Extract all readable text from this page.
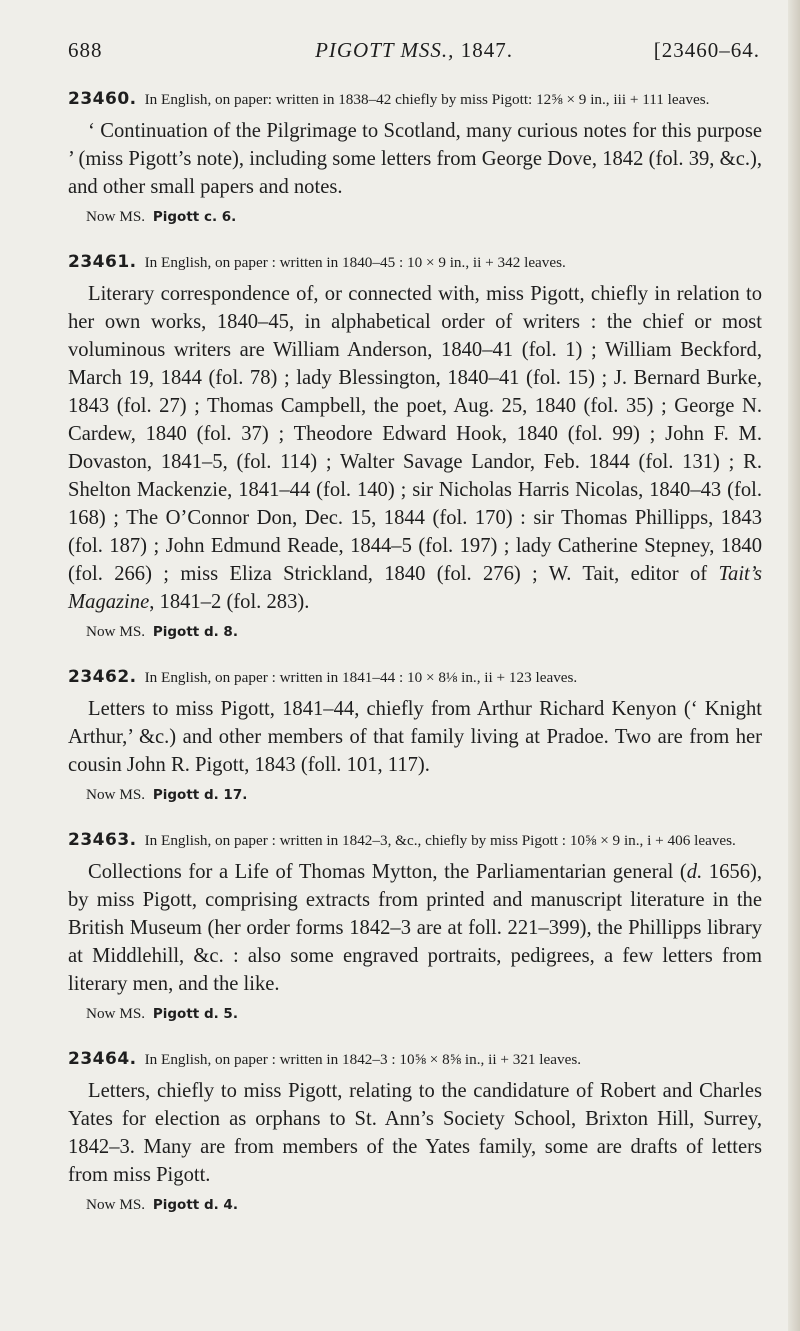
688	PIGOTT MSS., 1847.	[23460–64.
23460. In English, on paper: written in 1838–42 chiefly by miss Pigott: 12⅝ × 9 in., iii + 111 leaves.
‘ Continuation of the Pilgrimage to Scotland, many curious notes for this purpose ’ (miss Pigott’s note), including some letters from George Dove, 1842 (fol. 39, &c.), and other small papers and notes.
Now MS. Pigott c. 6.
23461. In English, on paper : written in 1840–45 : 10 × 9 in., ii + 342 leaves.
Literary correspondence of, or connected with, miss Pigott, chiefly in relation to her own works, 1840–45, in alphabetical order of writers : the chief or most voluminous writers are William Anderson, 1840–41 (fol. 1) ; William Beckford, March 19, 1844 (fol. 78) ; lady Blessington, 1840–41 (fol. 15) ; J. Bernard Burke, 1843 (fol. 27) ; Thomas Campbell, the poet, Aug. 25, 1840 (fol. 35) ; George N. Cardew, 1840 (fol. 37) ; Theodore Edward Hook, 1840 (fol. 99) ; John F. M. Dovaston, 1841–5, (fol. 114) ; Walter Savage Landor, Feb. 1844 (fol. 131) ; R. Shelton Mackenzie, 1841–44 (fol. 140) ; sir Nicholas Harris Nicolas, 1840–43 (fol. 168) ; The O’Connor Don, Dec. 15, 1844 (fol. 170) : sir Thomas Phillipps, 1843 (fol. 187) ; John Edmund Reade, 1844–5 (fol. 197) ; lady Catherine Stepney, 1840 (fol. 266) ; miss Eliza Strickland, 1840 (fol. 276) ; W. Tait, editor of Tait’s Magazine, 1841–2 (fol. 283).
Now MS. Pigott d. 8.
23462. In English, on paper : written in 1841–44 : 10 × 8⅛ in., ii + 123 leaves.
Letters to miss Pigott, 1841–44, chiefly from Arthur Richard Kenyon (‘ Knight Arthur,’ &c.) and other members of that family living at Pradoe. Two are from her cousin John R. Pigott, 1843 (foll. 101, 117).
Now MS. Pigott d. 17.
23463. In English, on paper : written in 1842–3, &c., chiefly by miss Pigott : 10⅝ × 9 in., i + 406 leaves.
Collections for a Life of Thomas Mytton, the Parliamentarian general (d. 1656), by miss Pigott, comprising extracts from printed and manuscript literature in the British Museum (her order forms 1842–3 are at foll. 221–399), the Phillipps library at Middlehill, &c. : also some engraved portraits, pedigrees, a few letters from literary men, and the like.
Now MS. Pigott d. 5.
23464. In English, on paper : written in 1842–3 : 10⅝ × 8⅝ in., ii + 321 leaves.
Letters, chiefly to miss Pigott, relating to the candidature of Robert and Charles Yates for election as orphans to St. Ann’s Society School, Brixton Hill, Surrey, 1842–3. Many are from members of the Yates family, some are drafts of letters from miss Pigott.
Now MS. Pigott d. 4.
